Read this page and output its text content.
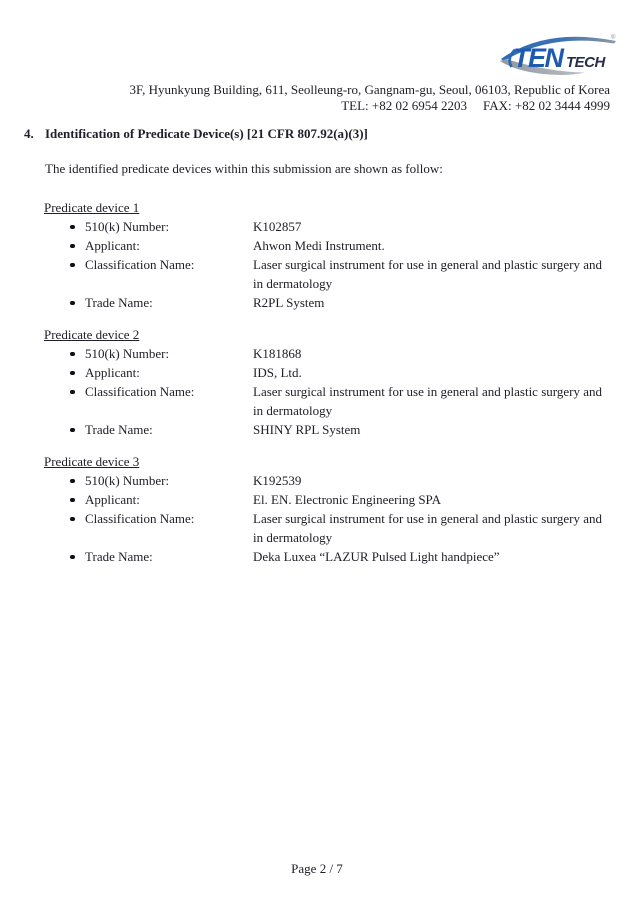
TEN TECH
®
3F, Hyunkyung Building, 611, Seolleung-ro, Gangnam-gu, Seoul, 06103, Republic of Korea
TEL: +82 02 6954 2203 FAX: +82 02 3444 4999
4. Identification of Predicate Device(s) [21 CFR 807.92(a)(3)]
The identified predicate devices within this submission are shown as follow:
Predicate device 1
510(k) Number:	K102857
Applicant:	Ahwon Medi Instrument.
Classification Name:	Laser surgical instrument for use in general and plastic surgery and in dermatology
Trade Name:	R2PL System
Predicate device 2
510(k) Number:	K181868
Applicant:	IDS, Ltd.
Classification Name:	Laser surgical instrument for use in general and plastic surgery and in dermatology
Trade Name:	SHINY RPL System
Predicate device 3
510(k) Number:	K192539
Applicant:	El. EN. Electronic Engineering SPA
Classification Name:	Laser surgical instrument for use in general and plastic surgery and in dermatology
Trade Name:	Deka Luxea “LAZUR Pulsed Light handpiece”
Page 2 / 7
